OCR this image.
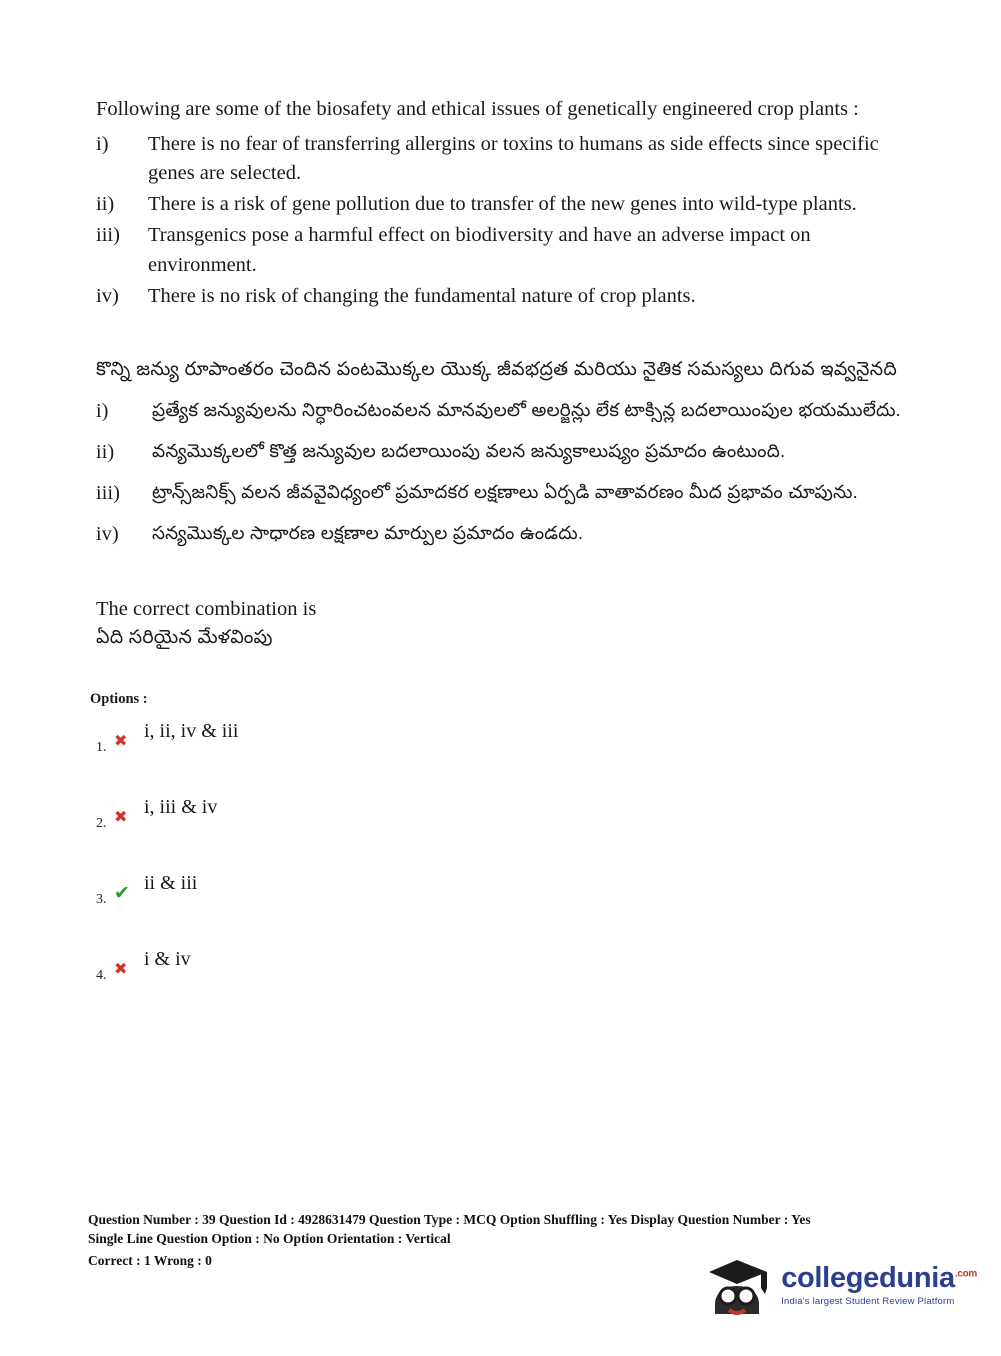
Following are some of the biosafety and ethical issues of genetically engineered crop plants :

i)	There is no fear of transferring allergins or toxins to humans as side effects since specific genes are selected.
ii)	There is a risk of gene pollution due to transfer of the new genes into wild-type plants.
iii)	Transgenics pose a harmful effect on biodiversity and have an adverse impact on environment.
iv)	There is no risk of changing the fundamental nature of crop plants.

కొన్ని జన్యు రూపాంతరం చెందిన పంటమొక్కల యొక్క జీవభద్రత మరియు నైతిక సమస్యలు దిగువ ఇవ్వనైనది

i)	ప్రత్యేక జన్యువులను నిర్ధారించటంవలన మానవులలో అలర్జిన్లు లేక టాక్సిన్ల బదలాయింపుల భయములేదు.
ii)	వన్యమొక్కలలో కొత్త జన్యువుల బదలాయింపు వలన జన్యుకాలుష్యం ప్రమాదం ఉంటుంది.
iii)	ట్రాన్స్‌జనిక్స్ వలన జీవవైవిధ్యంలో ప్రమాదకర లక్షణాలు ఏర్పడి వాతావరణం మీద ప్రభావం చూపును.
iv)	సన్యమొక్కల సాధారణ లక్షణాల మార్పుల ప్రమాదం ఉండదు.

The correct combination is

ఏది సరియైన మేళవింపు

Options :
1. ✖ i, ii, iv & iii
2. ✖ i, iii & iv
3. ✔ ii & iii
4. ✖ i & iv
Question Number : 39 Question Id : 4928631479 Question Type : MCQ Option Shuffling : Yes Display Question Number : Yes
Single Line Question Option : No Option Orientation : Vertical
Correct : 1 Wrong : 0
collegedunia$^{.com}$
India's largest Student Review Platform
